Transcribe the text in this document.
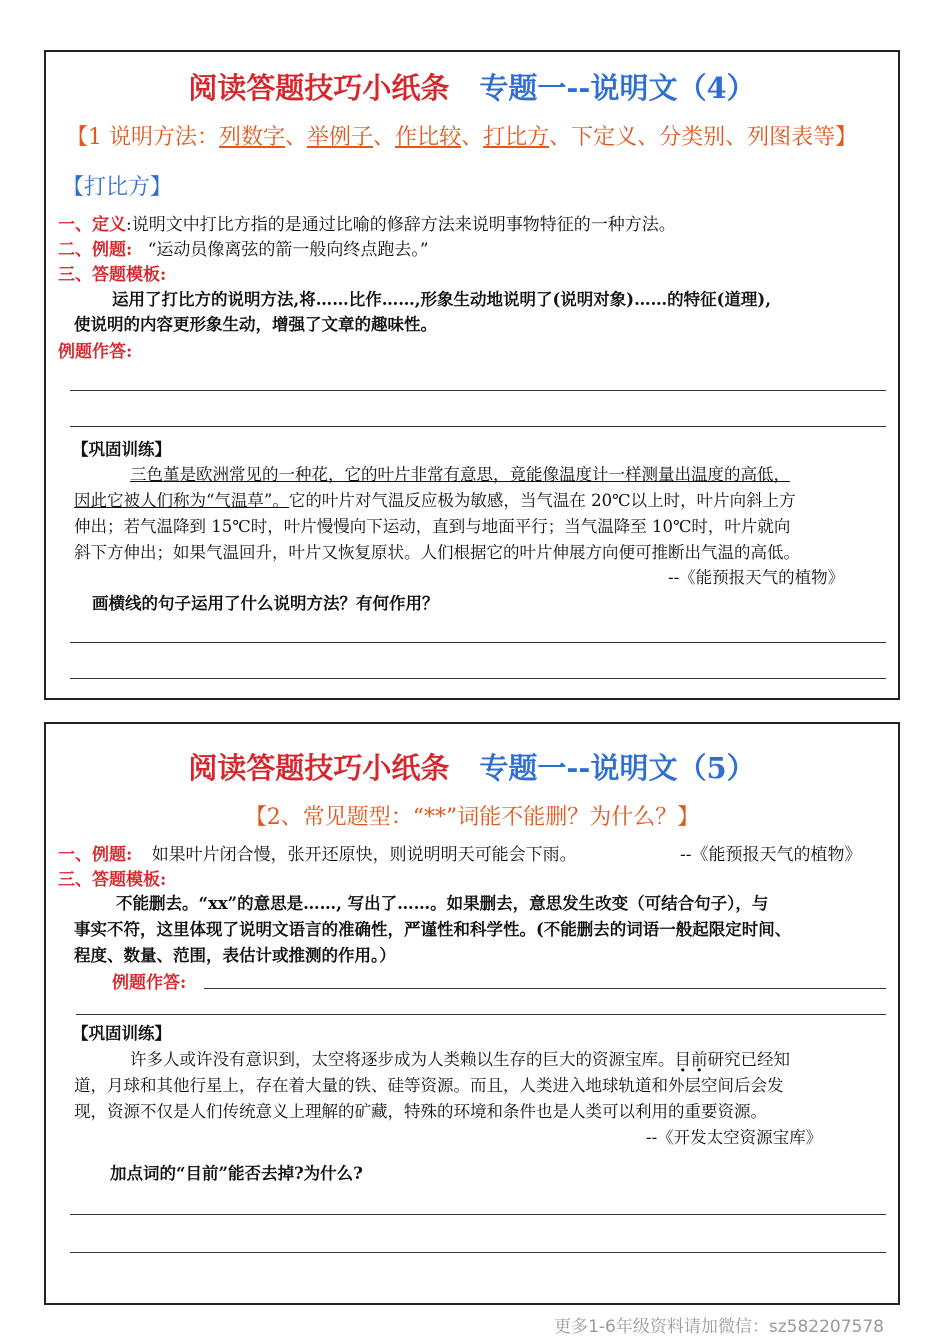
阅读答题技巧小纸条 专题一--说明文（4）
【1 说明方法：列数字、举例子、作比较、打比方、下定义、分类别、列图表等】
【打比方】
一、定义:说明文中打比方指的是通过比喻的修辞方法来说明事物特征的一种方法。
二、例题: “运动员像离弦的箭一般向终点跑去。”
三、答题模板:
运用了打比方的说明方法,将……比作……,形象生动地说明了(说明对象)……的特征(道理),
使说明的内容更形象生动，增强了文章的趣味性。
例题作答:
【巩固训练】
三色堇是欧洲常见的一种花，它的叶片非常有意思，竟能像温度计一样测量出温度的高低，
因此它被人们称为“气温草”。它的叶片对气温反应极为敏感，当气温在 20℃以上时，叶片向斜上方
伸出；若气温降到 15℃时，叶片慢慢向下运动，直到与地面平行；当气温降至 10℃时，叶片就向
斜下方伸出；如果气温回升，叶片又恢复原状。人们根据它的叶片伸展方向便可推断出气温的高低。
--《能预报天气的植物》
画横线的句子运用了什么说明方法？有何作用？
阅读答题技巧小纸条 专题一--说明文（5）
【2、常见题型：“**”词能不能删？为什么？】
一、例题: 如果叶片闭合慢，张开还原快，则说明明天可能会下雨。	--《能预报天气的植物》
三、答题模板:
不能删去。“xx”的意思是……, 写出了……。如果删去，意思发生改变（可结合句子），与
事实不符，这里体现了说明文语言的准确性，严谨性和科学性。(不能删去的词语一般起限定时间、
程度、数量、范围，表估计或推测的作用。）
例题作答:
【巩固训练】
许多人或许没有意识到，太空将逐步成为人类赖以生存的巨大的资源宝库。目前研究已经知
道，月球和其他行星上，存在着大量的铁、硅等资源。而且，人类进入地球轨道和外层空间后会发
现，资源不仅是人们传统意义上理解的矿藏，特殊的环境和条件也是人类可以利用的重要资源。
--《开发太空资源宝库》
加点词的“目前”能否去掉?为什么?
更多1-6年级资料请加微信：sz582207578
